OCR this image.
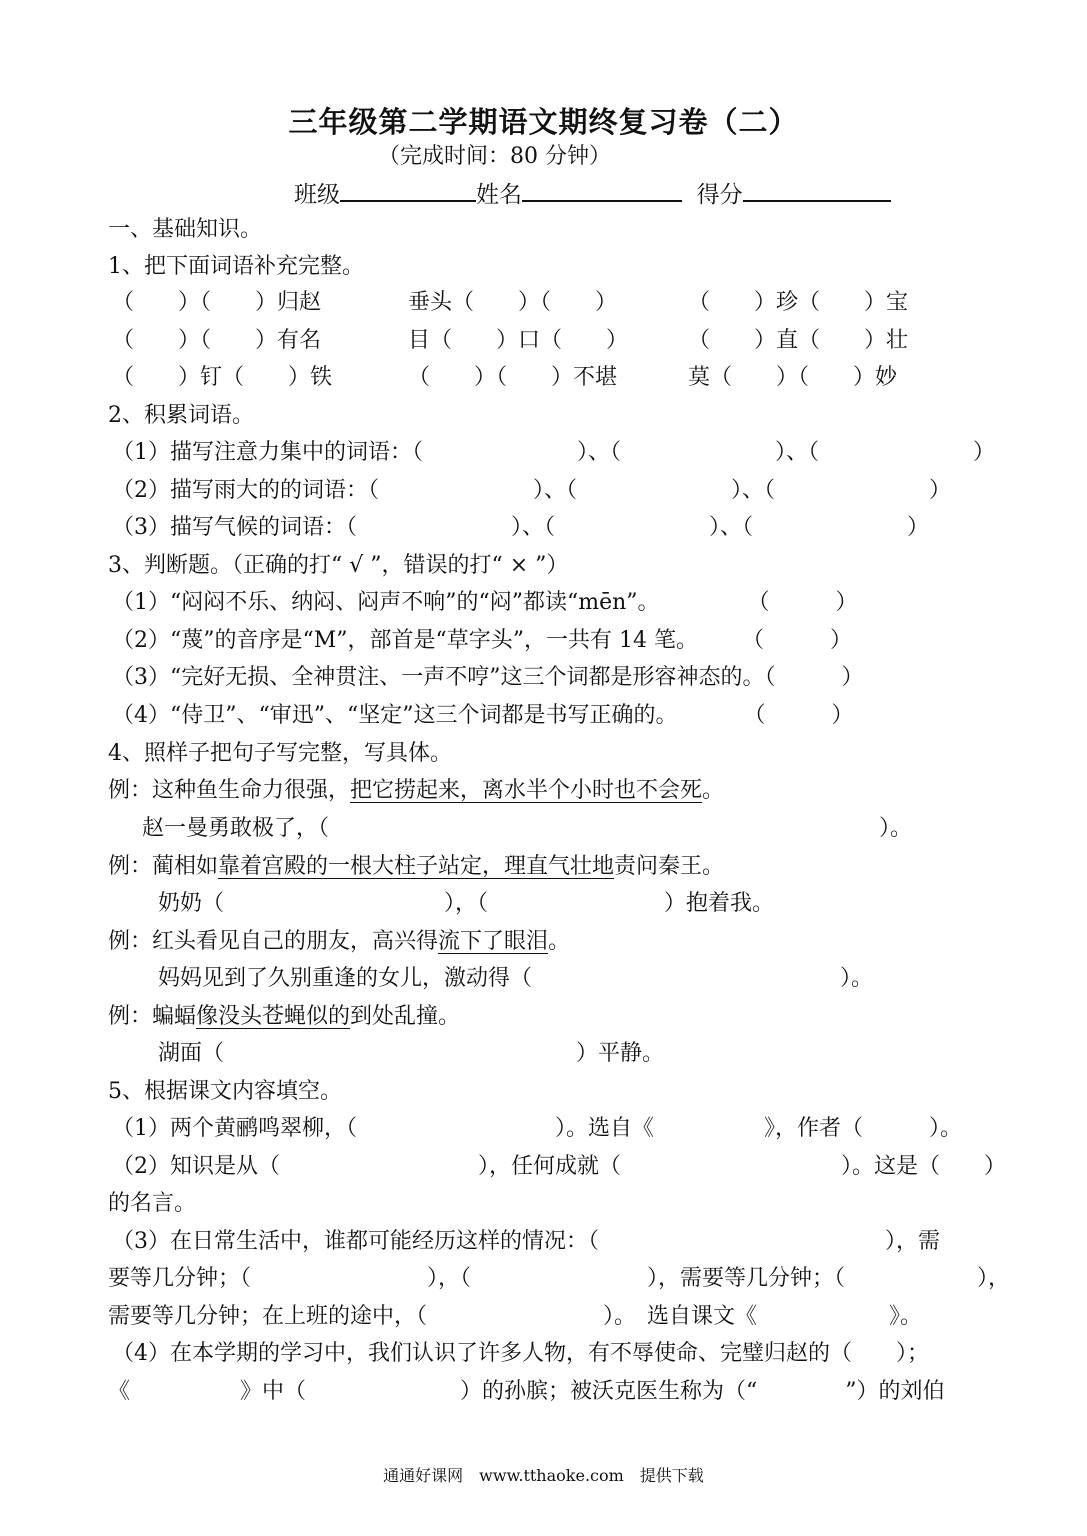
三年级第二学期语文期终复习卷（二）
（完成时间：80 分钟）
班级	姓名	得分
一、基础知识。
1、把下面词语补充完整。
（　　）（　　）归赵	垂头（　　）（　　）	（　　）珍（　　）宝
（　　）（　　）有名	目（　　）口（　　）	（　　）直（　　）壮
（　　）钉（　　）铁	（　　）（　　）不堪	莫（　　）（　　）妙
2、积累词语。
（1）描写注意力集中的词语：（　　　　　　　）、（　　　　　　　）、（　　　　　　　）
（2）描写雨大的的词语：（　　　　　　　）、（　　　　　　　）、（　　　　　　　）
（3）描写气候的词语：（　　　　　　　）、（　　　　　　　）、（　　　　　　　）
3、判断题。（正确的打“ √ ”，错误的打“ × ”）
（1）“闷闷不乐、纳闷、闷声不响”的“闷”都读“mēn”。　　　　　（　　　）
（2）“蔑”的音序是“M”，部首是“草字头”，一共有 14 笔。　　　（　　　）
（3）“完好无损、全神贯注、一声不哼”这三个词都是形容神态的。（　　　）
（4）“侍卫”、“审迅”、“坚定”这三个词都是书写正确的。　　　　（　　　）
4、照样子把句子写完整，写具体。
例：这种鱼生命力很强，把它捞起来，离水半个小时也不会死。
赵一曼勇敢极了，（　　　　　　　　　　　　　　　　　　　　　　　　　）。
例：蔺相如靠着宫殿的一根大柱子站定，理直气壮地责问秦王。
奶奶（　　　　　　　　　　），（　　　　　　　　）抱着我。
例：红头看见自己的朋友，高兴得流下了眼泪。
妈妈见到了久别重逢的女儿，激动得（　　　　　　　　　　　　　　）。
例：蝙蝠像没头苍蝇似的到处乱撞。
湖面（　　　　　　　　　　　　　　　　）平静。
5、根据课文内容填空。
（1）两个黄鹂鸣翠柳，（　　　　　　　　　）。选自《　　　　　》，作者（　　　）。
（2）知识是从（　　　　　　　　　），任何成就（　　　　　　　　　　）。这是（　　）
的名言。
（3）在日常生活中，谁都可能经历这样的情况：（　　　　　　　　　　　　　），需
要等几分钟；（　　　　　　　　），（　　　　　　　　），需要等几分钟；（　　　　　　），
需要等几分钟；在上班的途中，（　　　　　　　　）。　选自课文《　　　　　　》。
（4）在本学期的学习中，我们认识了许多人物，有不辱使命、完璧归赵的（　　）；
《　　　　　》中（　　　　　　　）的孙膑；被沃克医生称为（“　　　　”）的刘伯
通通好课网　www.tthaoke.com　提供下载
